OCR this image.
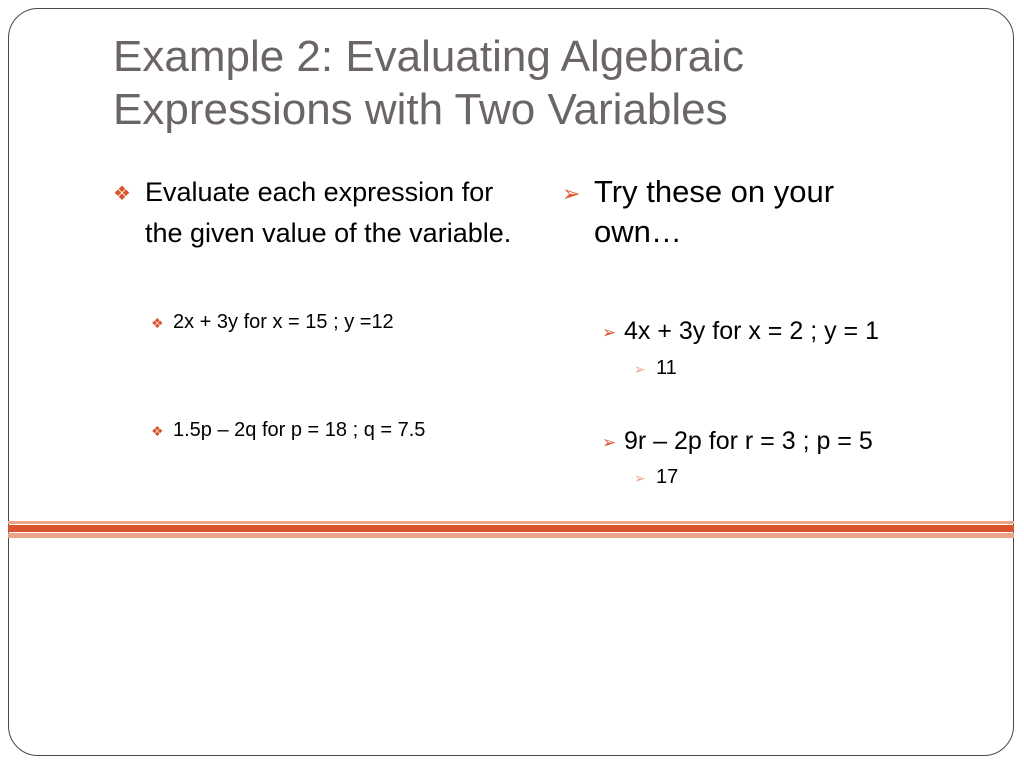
Example 2: Evaluating Algebraic Expressions with Two Variables
❖ Evaluate each expression for the given value of the variable.
❖ 2x + 3y for x = 15 ; y =12
❖ 1.5p – 2q for p = 18 ; q = 7.5
➢ Try these on your own…
➢ 4x + 3y for x = 2 ; y = 1
➢ 11
➢ 9r – 2p for r = 3 ; p = 5
➢ 17
